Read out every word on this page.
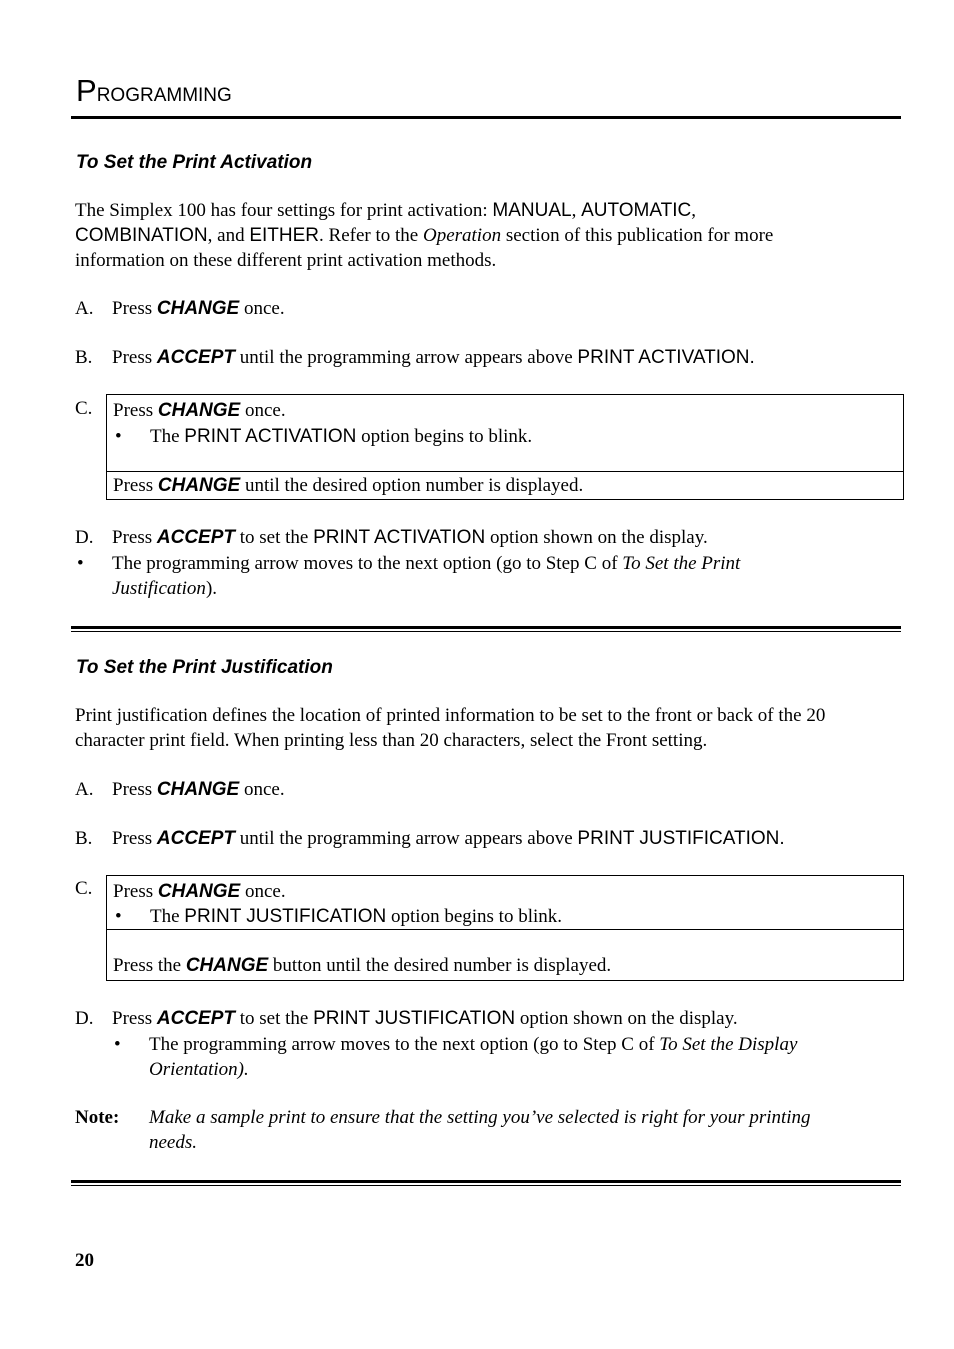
PROGRAMMING
To Set the Print Activation
The Simplex 100 has four settings for print activation: MANUAL, AUTOMATIC,
COMBINATION, and EITHER. Refer to the Operation section of this publication for more
information on these different print activation methods.
A. Press CHANGE once.
B. Press ACCEPT until the programming arrow appears above PRINT ACTIVATION.
C. Press CHANGE once.
• The PRINT ACTIVATION option begins to blink.
Press CHANGE until the desired option number is displayed.
D. Press ACCEPT to set the PRINT ACTIVATION option shown on the display.
• The programming arrow moves to the next option (go to Step C of To Set the Print
Justification).
To Set the Print Justification
Print justification defines the location of printed information to be set to the front or back of the 20
character print field. When printing less than 20 characters, select the Front setting.
A. Press CHANGE once.
B. Press ACCEPT until the programming arrow appears above PRINT JUSTIFICATION.
C. Press CHANGE once.
• The PRINT JUSTIFICATION option begins to blink.
Press the CHANGE button until the desired number is displayed.
D. Press ACCEPT to set the PRINT JUSTIFICATION option shown on the display.
• The programming arrow moves to the next option (go to Step C of To Set the Display
Orientation).
Note: Make a sample print to ensure that the setting you’ve selected is right for your printing
needs.
20
